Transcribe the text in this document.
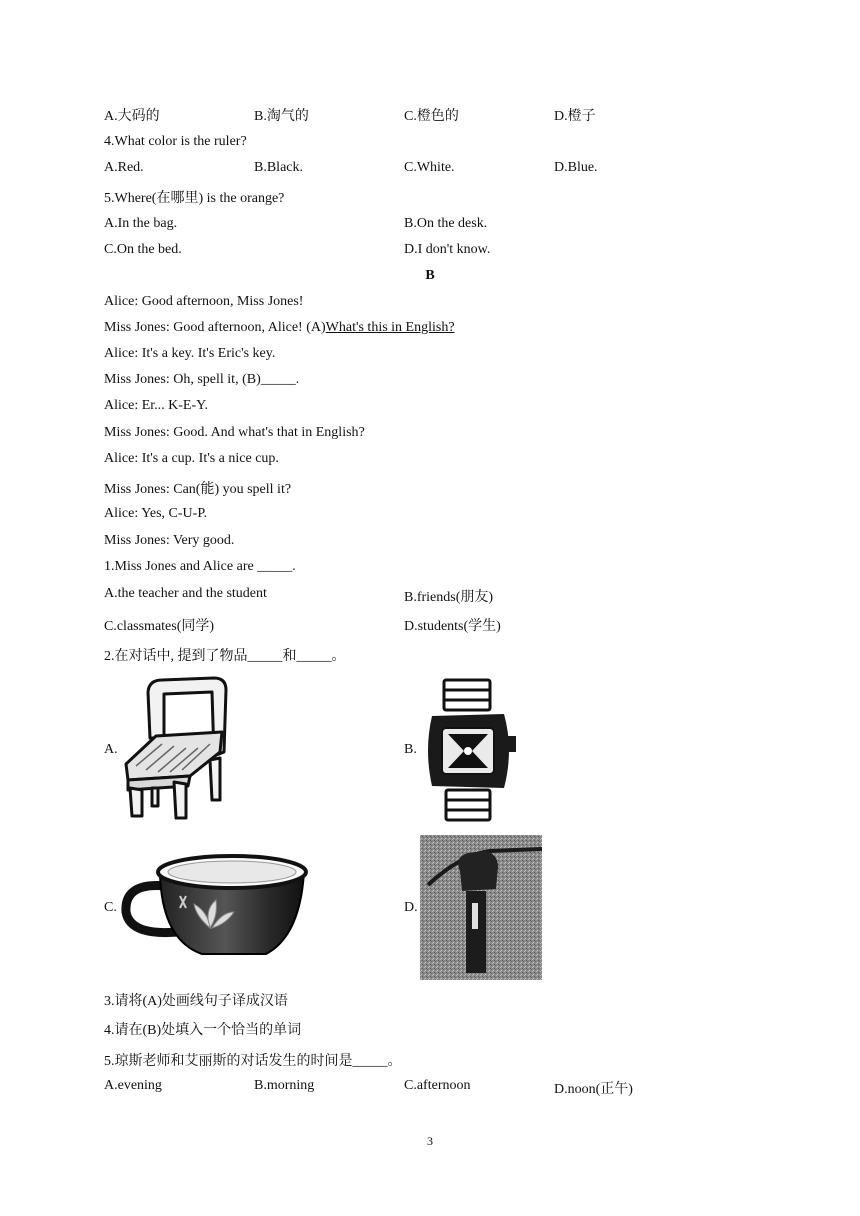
A.大码的	B.淘气的	C.橙色的	D.橙子
4.What color is the ruler?
A.Red.	B.Black.	C.White.	D.Blue.
5.Where(在哪里) is the orange?
A.In the bag.	B.On the desk.
C.On the bed.	D.I don't know.
B
Alice: Good afternoon, Miss Jones!
Miss Jones: Good afternoon, Alice! (A)What's this in English?
Alice: It's a key. It's Eric's key.
Miss Jones: Oh, spell it, (B)_____.
Alice: Er... K-E-Y.
Miss Jones: Good. And what's that in English?
Alice: It's a cup. It's a nice cup.
Miss Jones: Can(能) you spell it?
Alice: Yes, C-U-P.
Miss Jones: Very good.
1.Miss Jones and Alice are _____.
A.the teacher and the student	B.friends(朋友)
C.classmates(同学)	D.students(学生)
2.在对话中, 提到了物品_____和_____。
A.	B.
C.	D.
3.请将(A)处画线句子译成汉语
4.请在(B)处填入一个恰当的单词
5.琼斯老师和艾丽斯的对话发生的时间是_____。
A.evening	B.morning	C.afternoon	D.noon(正午)
3
